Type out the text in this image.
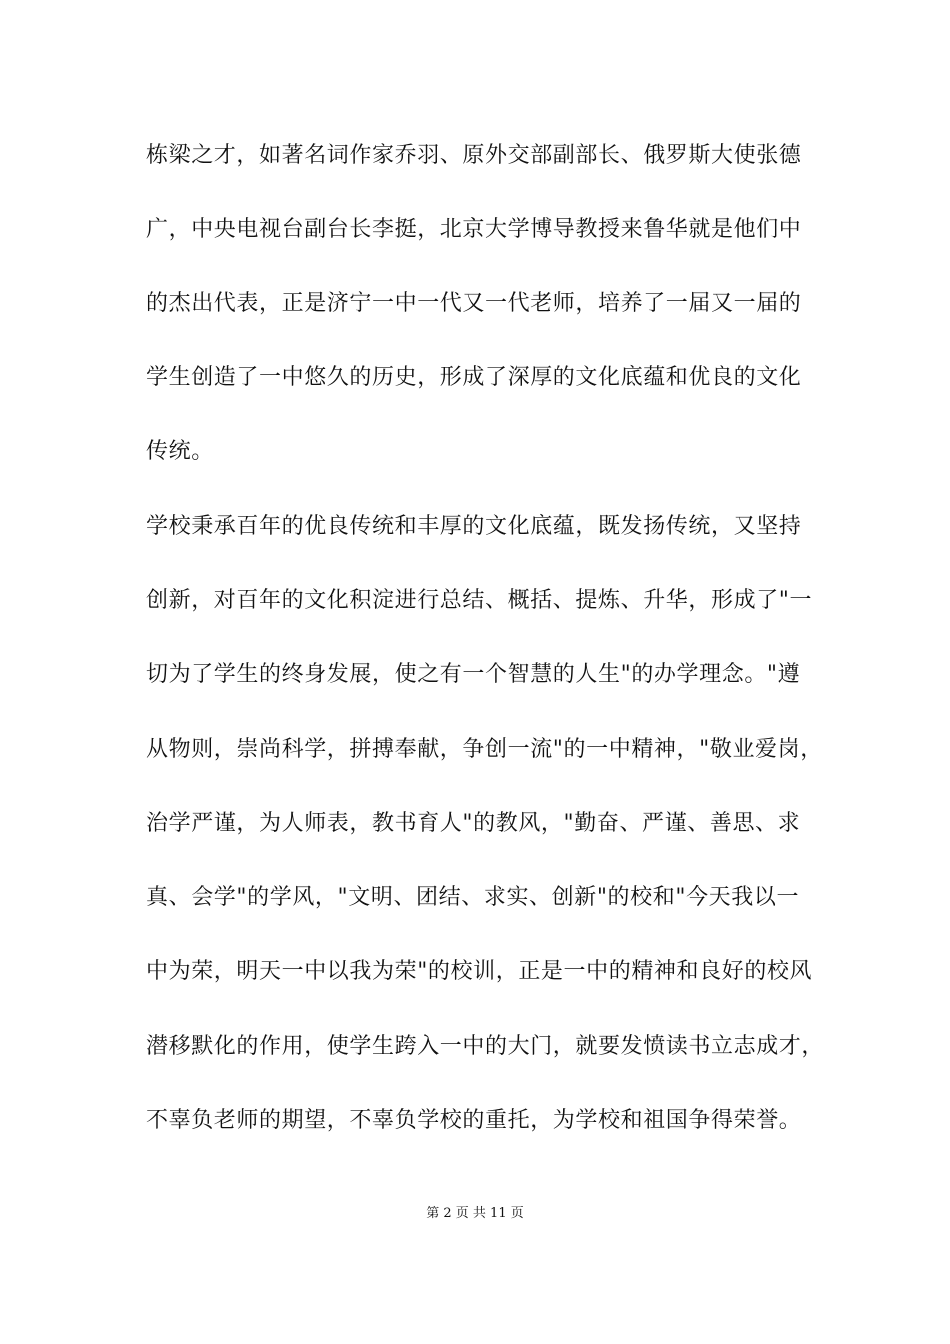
栋梁之才，如著名词作家乔羽、原外交部副部长、俄罗斯大使张德
广，中央电视台副台长李挺，北京大学博导教授来鲁华就是他们中
的杰出代表，正是济宁一中一代又一代老师，培养了一届又一届的
学生创造了一中悠久的历史，形成了深厚的文化底蕴和优良的文化
传统。
学校秉承百年的优良传统和丰厚的文化底蕴，既发扬传统，又坚持
创新，对百年的文化积淀进行总结、概括、提炼、升华，形成了"一
切为了学生的终身发展，使之有一个智慧的人生"的办学理念。"遵
从物则，崇尚科学，拼搏奉献，争创一流"的一中精神，"敬业爱岗，
治学严谨，为人师表，教书育人"的教风，"勤奋、严谨、善思、求
真、会学"的学风，"文明、团结、求实、创新"的校和"今天我以一
中为荣，明天一中以我为荣"的校训，正是一中的精神和良好的校风
潜移默化的作用，使学生跨入一中的大门，就要发愤读书立志成才，
不辜负老师的期望，不辜负学校的重托，为学校和祖国争得荣誉。
第 2 页 共 11 页
